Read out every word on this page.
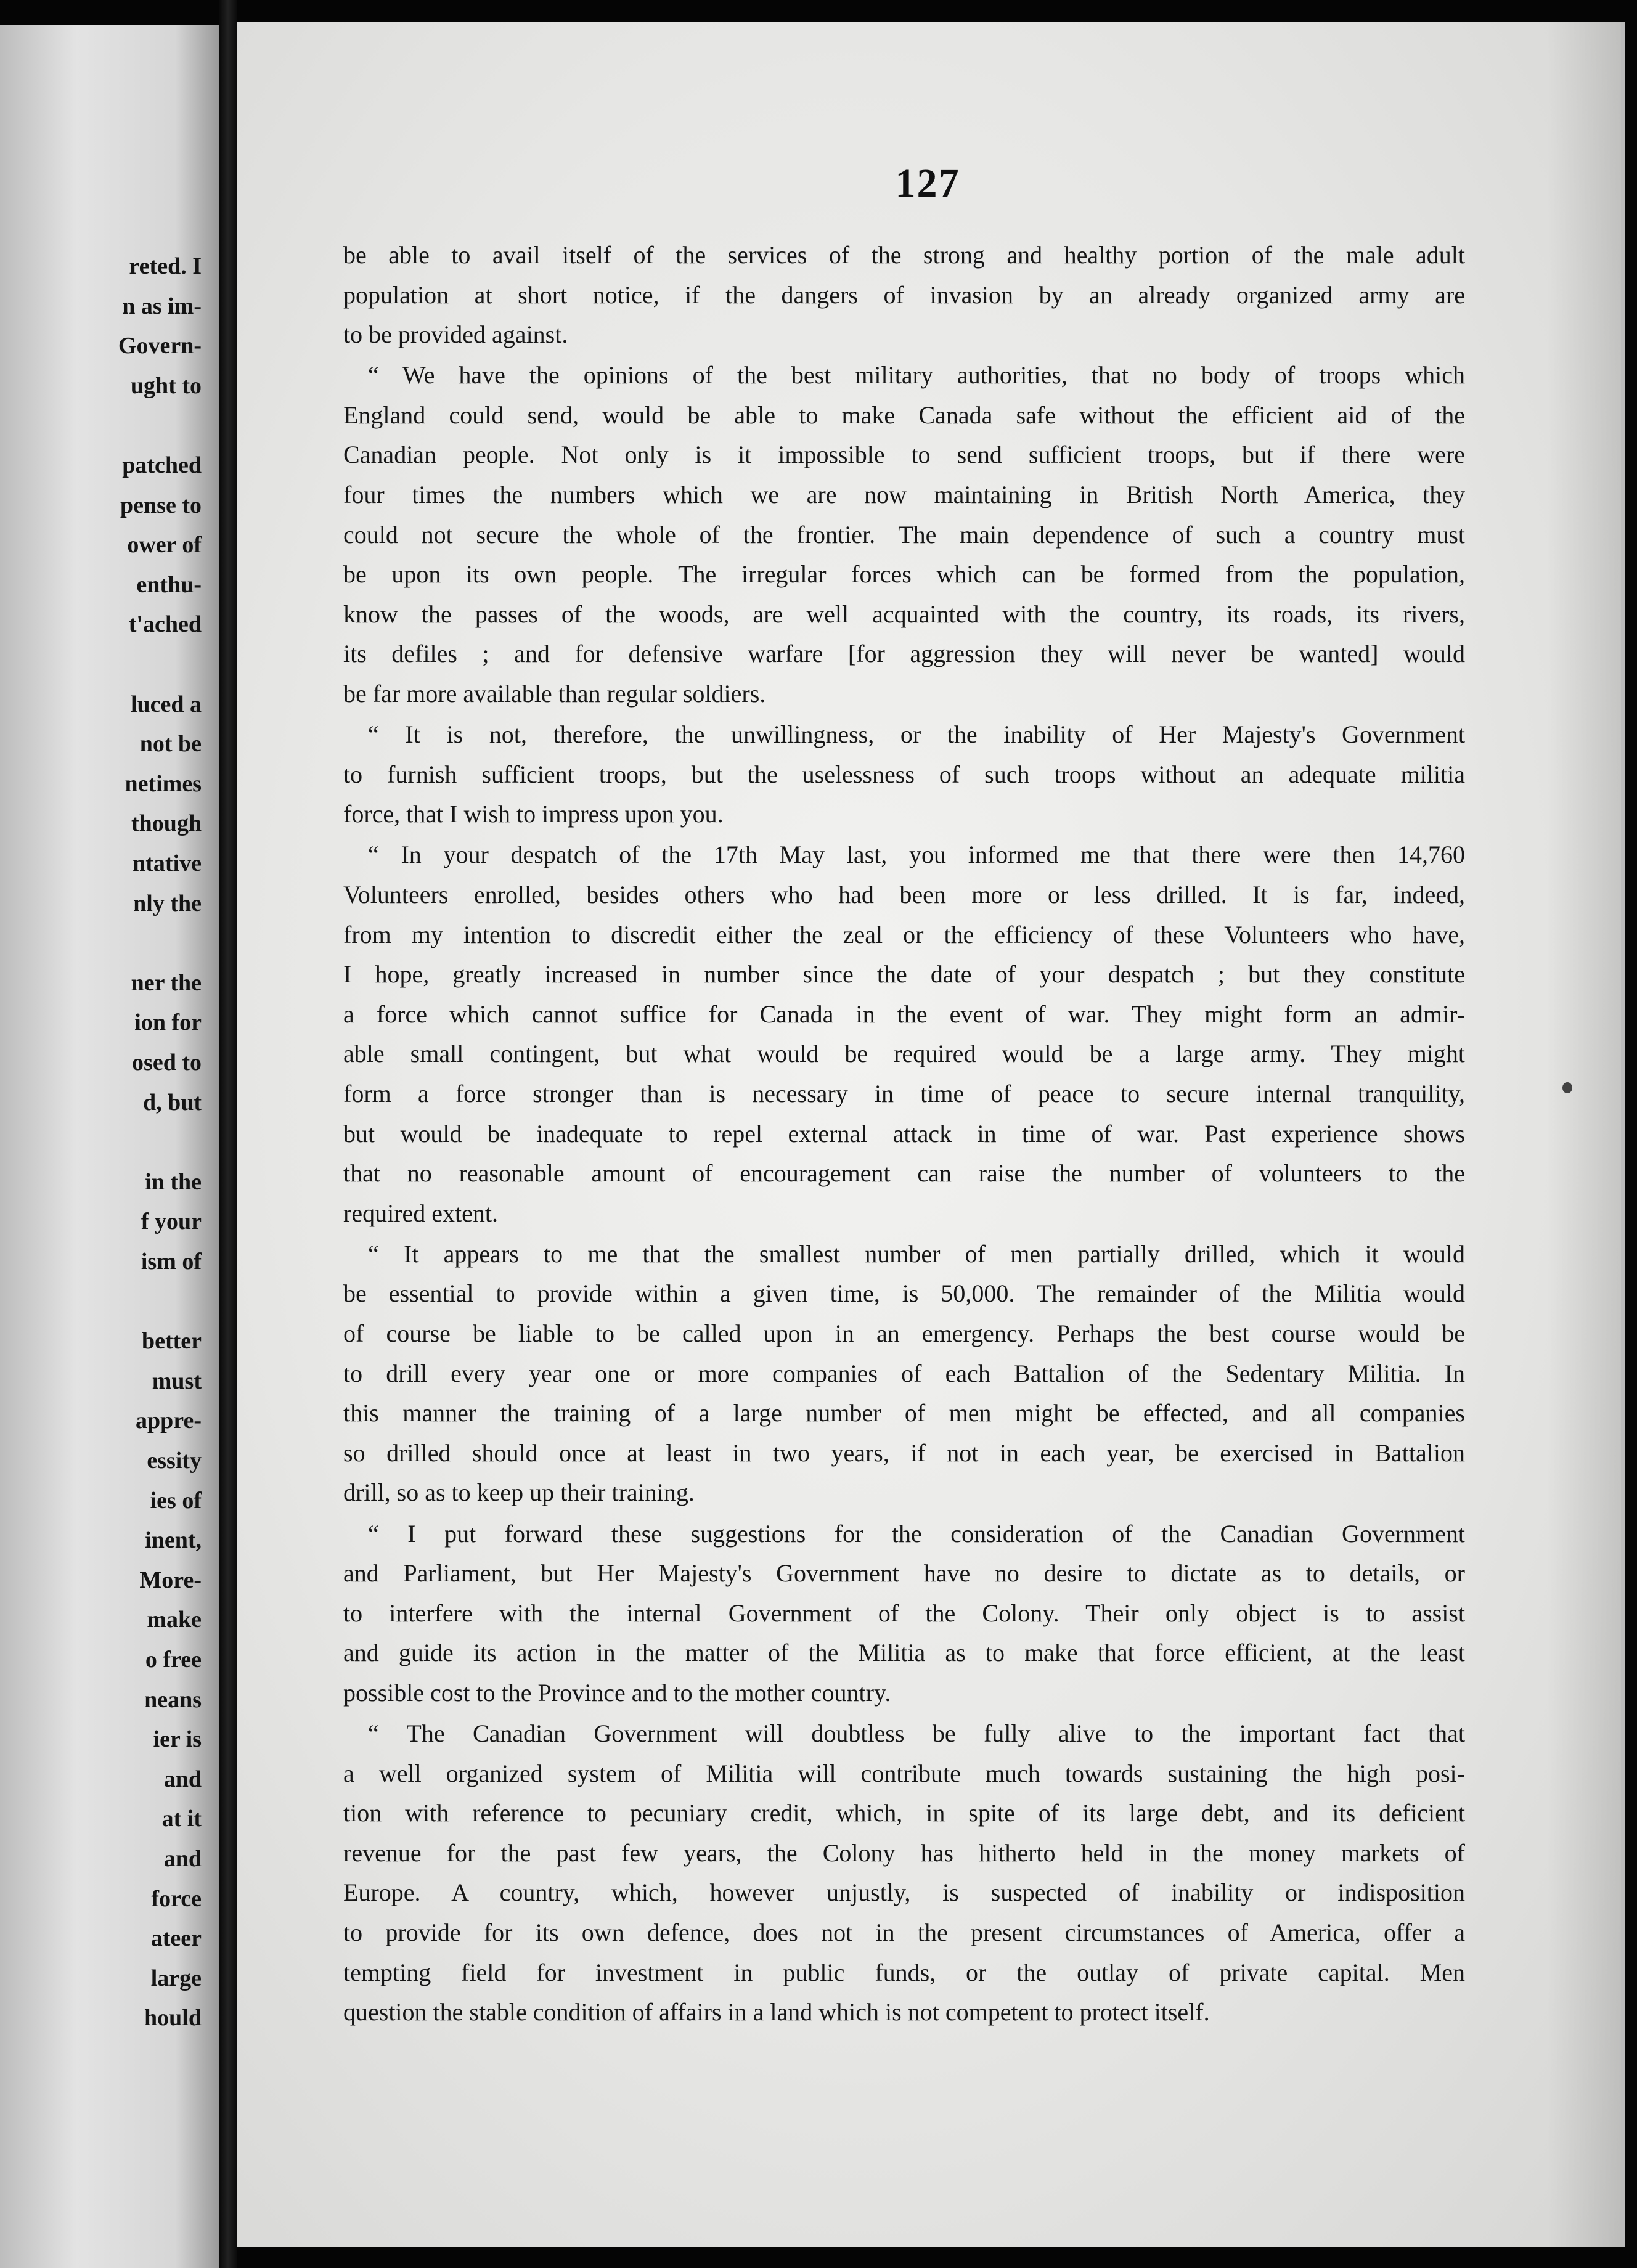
reted. I
n as im-
Govern-
ught to
patched
pense to
ower of
enthu-
t'ached
luced a
not be
netimes
though
ntative
nly the
ner the
ion for
osed to
d, but
in the
f your
ism of
better
must
appre-
essity
ies of
inent,
More-
make
o free
neans
ier is
and
at it
and
force
ateer
large
hould
127
be able to avail itself of the services of the strong and healthy portion of the male adult
population at short notice, if the dangers of invasion by an already organized army are
to be provided against.
“ We have the opinions of the best military authorities, that no body of troops which
England could send, would be able to make Canada safe without the efficient aid of the
Canadian people. Not only is it impossible to send sufficient troops, but if there were
four times the numbers which we are now maintaining in British North America, they
could not secure the whole of the frontier. The main dependence of such a country must
be upon its own people. The irregular forces which can be formed from the population,
know the passes of the woods, are well acquainted with the country, its roads, its rivers,
its defiles ; and for defensive warfare [for aggression they will never be wanted] would
be far more available than regular soldiers.
“ It is not, therefore, the unwillingness, or the inability of Her Majesty's Government
to furnish sufficient troops, but the uselessness of such troops without an adequate militia
force, that I wish to impress upon you.
“ In your despatch of the 17th May last, you informed me that there were then 14,760
Volunteers enrolled, besides others who had been more or less drilled. It is far, indeed,
from my intention to discredit either the zeal or the efficiency of these Volunteers who have,
I hope, greatly increased in number since the date of your despatch ; but they constitute
a force which cannot suffice for Canada in the event of war. They might form an admir-
able small contingent, but what would be required would be a large army. They might
form a force stronger than is necessary in time of peace to secure internal tranquility,
but would be inadequate to repel external attack in time of war. Past experience shows
that no reasonable amount of encouragement can raise the number of volunteers to the
required extent.
“ It appears to me that the smallest number of men partially drilled, which it would
be essential to provide within a given time, is 50,000. The remainder of the Militia would
of course be liable to be called upon in an emergency. Perhaps the best course would be
to drill every year one or more companies of each Battalion of the Sedentary Militia. In
this manner the training of a large number of men might be effected, and all companies
so drilled should once at least in two years, if not in each year, be exercised in Battalion
drill, so as to keep up their training.
“ I put forward these suggestions for the consideration of the Canadian Government
and Parliament, but Her Majesty's Government have no desire to dictate as to details, or
to interfere with the internal Government of the Colony. Their only object is to assist
and guide its action in the matter of the Militia as to make that force efficient, at the least
possible cost to the Province and to the mother country.
“ The Canadian Government will doubtless be fully alive to the important fact that
a well organized system of Militia will contribute much towards sustaining the high posi-
tion with reference to pecuniary credit, which, in spite of its large debt, and its deficient
revenue for the past few years, the Colony has hitherto held in the money markets of
Europe. A country, which, however unjustly, is suspected of inability or indisposition
to provide for its own defence, does not in the present circumstances of America, offer a
tempting field for investment in public funds, or the outlay of private capital. Men
question the stable condition of affairs in a land which is not competent to protect itself.
